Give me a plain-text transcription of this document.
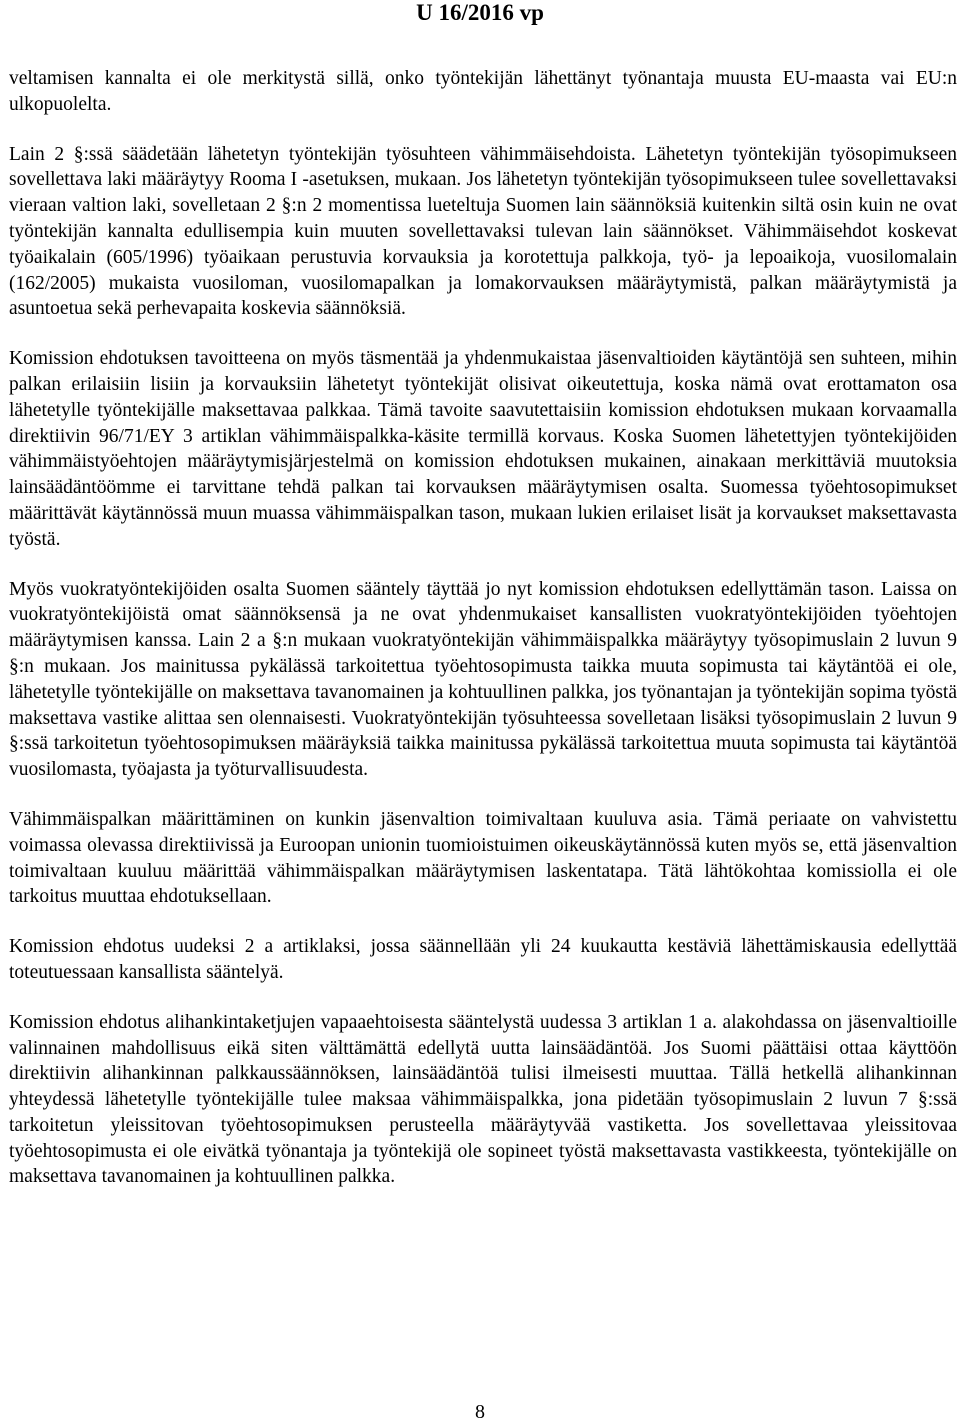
U 16/2016 vp

veltamisen kannalta ei ole merkitystä sillä, onko työntekijän lähettänyt työnantaja muusta EU-maasta vai EU:n ulkopuolelta.

Lain 2 §:ssä säädetään lähetetyn työntekijän työsuhteen vähimmäisehdoista. Lähetetyn työntekijän työsopimukseen sovellettava laki määräytyy Rooma I -asetuksen, mukaan. Jos lähetetyn työntekijän työsopimukseen tulee sovellettavaksi vieraan valtion laki, sovelletaan 2 §:n 2 momentissa lueteltuja Suomen lain säännöksiä kuitenkin siltä osin kuin ne ovat työntekijän kannalta edullisempia kuin muuten sovellettavaksi tulevan lain säännökset. Vähimmäisehdot koskevat työaikalain (605/1996) työaikaan perustuvia korvauksia ja korotettuja palkkoja, työ- ja lepoaikoja, vuosilomalain (162/2005) mukaista vuosiloman, vuosilomapalkan ja lomakorvauksen määräytymistä, palkan määräytymistä ja asuntoetua sekä perhevapaita koskevia säännöksiä.

Komission ehdotuksen tavoitteena on myös täsmentää ja yhdenmukaistaa jäsenvaltioiden käytäntöjä sen suhteen, mihin palkan erilaisiin lisiin ja korvauksiin lähetetyt työntekijät olisivat oikeutettuja, koska nämä ovat erottamaton osa lähetetylle työntekijälle maksettavaa palkkaa. Tämä tavoite saavutettaisiin komission ehdotuksen mukaan korvaamalla direktiivin 96/71/EY 3 artiklan vähimmäispalkka-käsite termillä korvaus. Koska Suomen lähetettyjen työntekijöiden vähimmäistyöehtojen määräytymisjärjestelmä on komission ehdotuksen mukainen, ainakaan merkittäviä muutoksia lainsäädäntöömme ei tarvittane tehdä palkan tai korvauksen määräytymisen osalta. Suomessa työehtosopimukset määrittävät käytännössä muun muassa vähimmäispalkan tason, mukaan lukien erilaiset lisät ja korvaukset maksettavasta työstä.

Myös vuokratyöntekijöiden osalta Suomen sääntely täyttää jo nyt komission ehdotuksen edellyttämän tason. Laissa on vuokratyöntekijöistä omat säännöksensä ja ne ovat yhdenmukaiset kansallisten vuokratyöntekijöiden työehtojen määräytymisen kanssa. Lain 2 a §:n mukaan vuokratyöntekijän vähimmäispalkka määräytyy työsopimuslain 2 luvun 9 §:n mukaan. Jos mainitussa pykälässä tarkoitettua työehtosopimusta taikka muuta sopimusta tai käytäntöä ei ole, lähetetylle työntekijälle on maksettava tavanomainen ja kohtuullinen palkka, jos työnantajan ja työntekijän sopima työstä maksettava vastike alittaa sen olennaisesti. Vuokratyöntekijän työsuhteessa sovelletaan lisäksi työsopimuslain 2 luvun 9 §:ssä tarkoitetun työehtosopimuksen määräyksiä taikka mainitussa pykälässä tarkoitettua muuta sopimusta tai käytäntöä vuosilomasta, työajasta ja työturvallisuudesta.

Vähimmäispalkan määrittäminen on kunkin jäsenvaltion toimivaltaan kuuluva asia. Tämä periaate on vahvistettu voimassa olevassa direktiivissä ja Euroopan unionin tuomioistuimen oikeuskäytännössä kuten myös se, että jäsenvaltion toimivaltaan kuuluu määrittää vähimmäispalkan määräytymisen laskentatapa. Tätä lähtökohtaa komissiolla ei ole tarkoitus muuttaa ehdotuksellaan.

Komission ehdotus uudeksi 2 a artiklaksi, jossa säännellään yli 24 kuukautta kestäviä lähettämiskausia edellyttää toteutuessaan kansallista sääntelyä.

Komission ehdotus alihankintaketjujen vapaaehtoisesta sääntelystä uudessa 3 artiklan 1 a. alakohdassa on jäsenvaltioille valinnainen mahdollisuus eikä siten välttämättä edellytä uutta lainsäädäntöä. Jos Suomi päättäisi ottaa käyttöön direktiivin alihankinnan palkkaussäännöksen, lainsäädäntöä tulisi ilmeisesti muuttaa. Tällä hetkellä alihankinnan yhteydessä lähetetylle työntekijälle tulee maksaa vähimmäispalkka, jona pidetään työsopimuslain 2 luvun 7 §:ssä tarkoitetun yleissitovan työehtosopimuksen perusteella määräytyvää vastiketta. Jos sovellettavaa yleissitovaa työehtosopimusta ei ole eivätkä työnantaja ja työntekijä ole sopineet työstä maksettavasta vastikkeesta, työntekijälle on maksettava tavanomainen ja kohtuullinen palkka.

8
